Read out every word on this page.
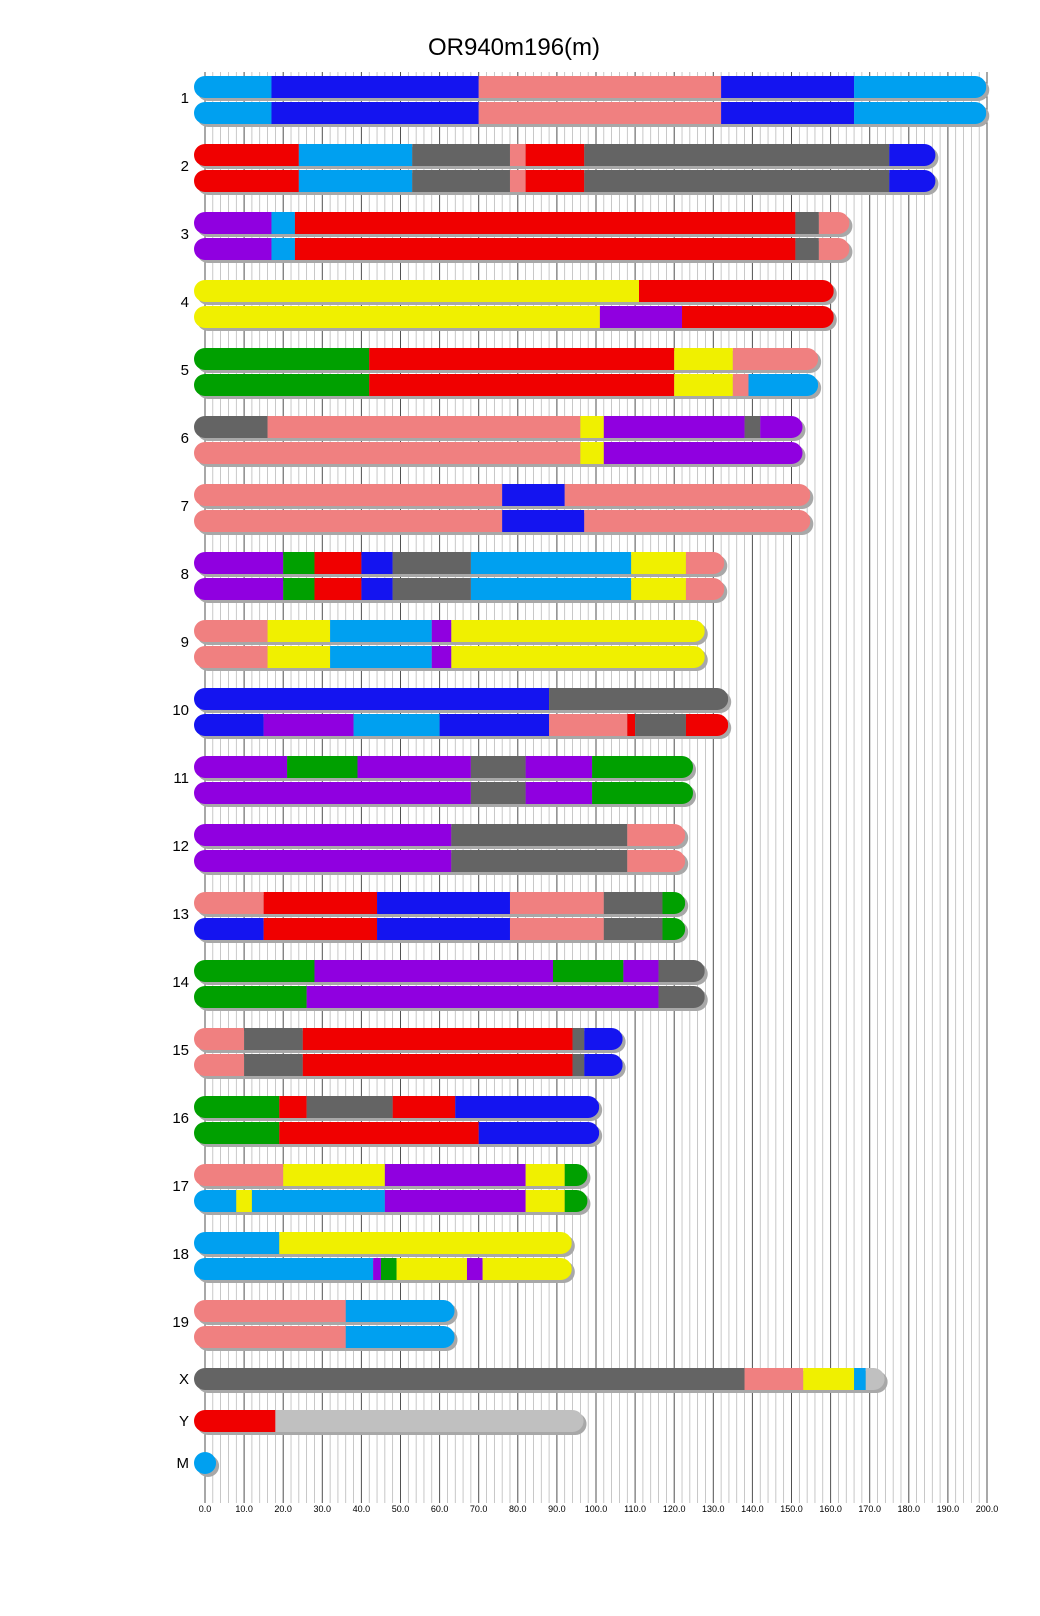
OR940m196(m)
0.0	10.0 20.0 30.0 40.0 50.0 60.0 70.0 80.0 90.0 100.0 110.0 120.0 130.0 140.0 150.0 160.0 170.0 180.0 190.0 200.0
1
2
3
4
5
6
7
8
9
10
11
12
13
14
15
16
17
18
19
X
Y
M
